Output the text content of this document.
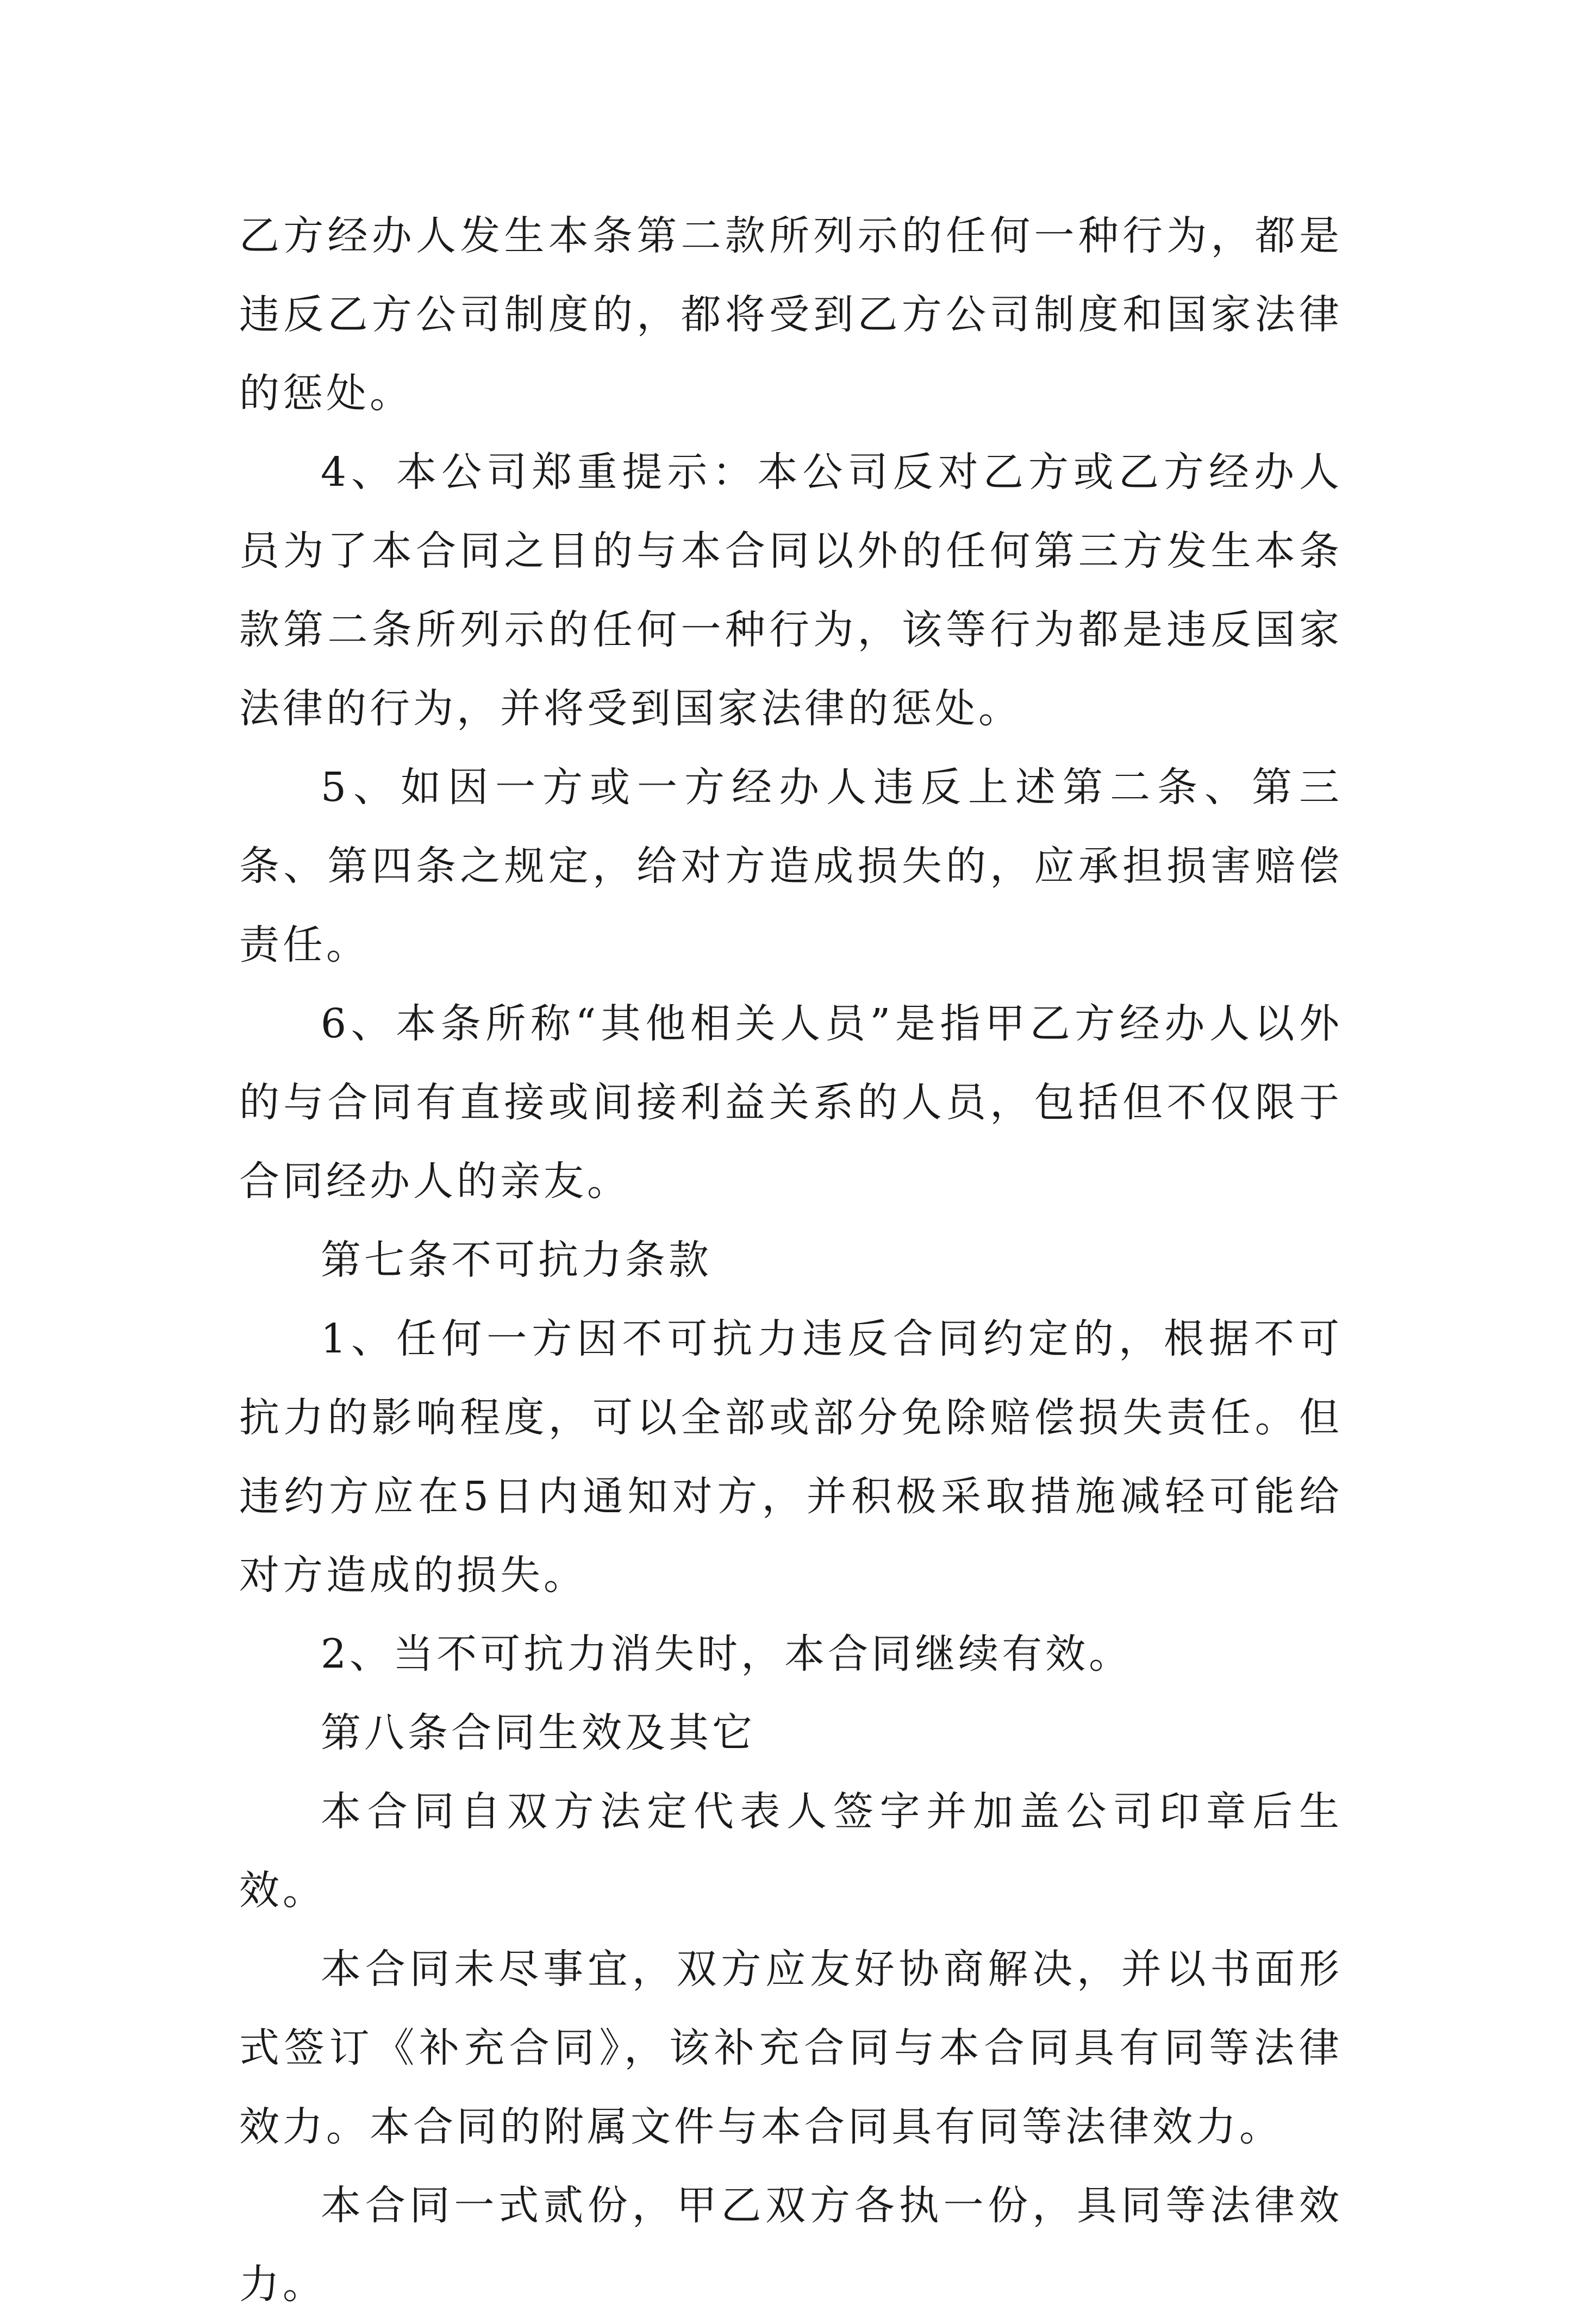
乙方经办人发生本条第二款所列示的任何一种行为，都是违反乙方公司制度的，都将受到乙方公司制度和国家法律的惩处。

4、本公司郑重提示：本公司反对乙方或乙方经办人员为了本合同之目的与本合同以外的任何第三方发生本条款第二条所列示的任何一种行为，该等行为都是违反国家法律的行为，并将受到国家法律的惩处。

5、如因一方或一方经办人违反上述第二条、第三条、第四条之规定，给对方造成损失的，应承担损害赔偿责任。

6、本条所称“其他相关人员”是指甲乙方经办人以外的与合同有直接或间接利益关系的人员，包括但不仅限于合同经办人的亲友。

第七条不可抗力条款

1、任何一方因不可抗力违反合同约定的，根据不可抗力的影响程度，可以全部或部分免除赔偿损失责任。但违约方应在5日内通知对方，并积极采取措施减轻可能给对方造成的损失。

2、当不可抗力消失时，本合同继续有效。

第八条合同生效及其它

本合同自双方法定代表人签字并加盖公司印章后生效。

本合同未尽事宜，双方应友好协商解决，并以书面形式签订《补充合同》，该补充合同与本合同具有同等法律效力。本合同的附属文件与本合同具有同等法律效力。

本合同一式贰份，甲乙双方各执一份，具同等法律效力。
